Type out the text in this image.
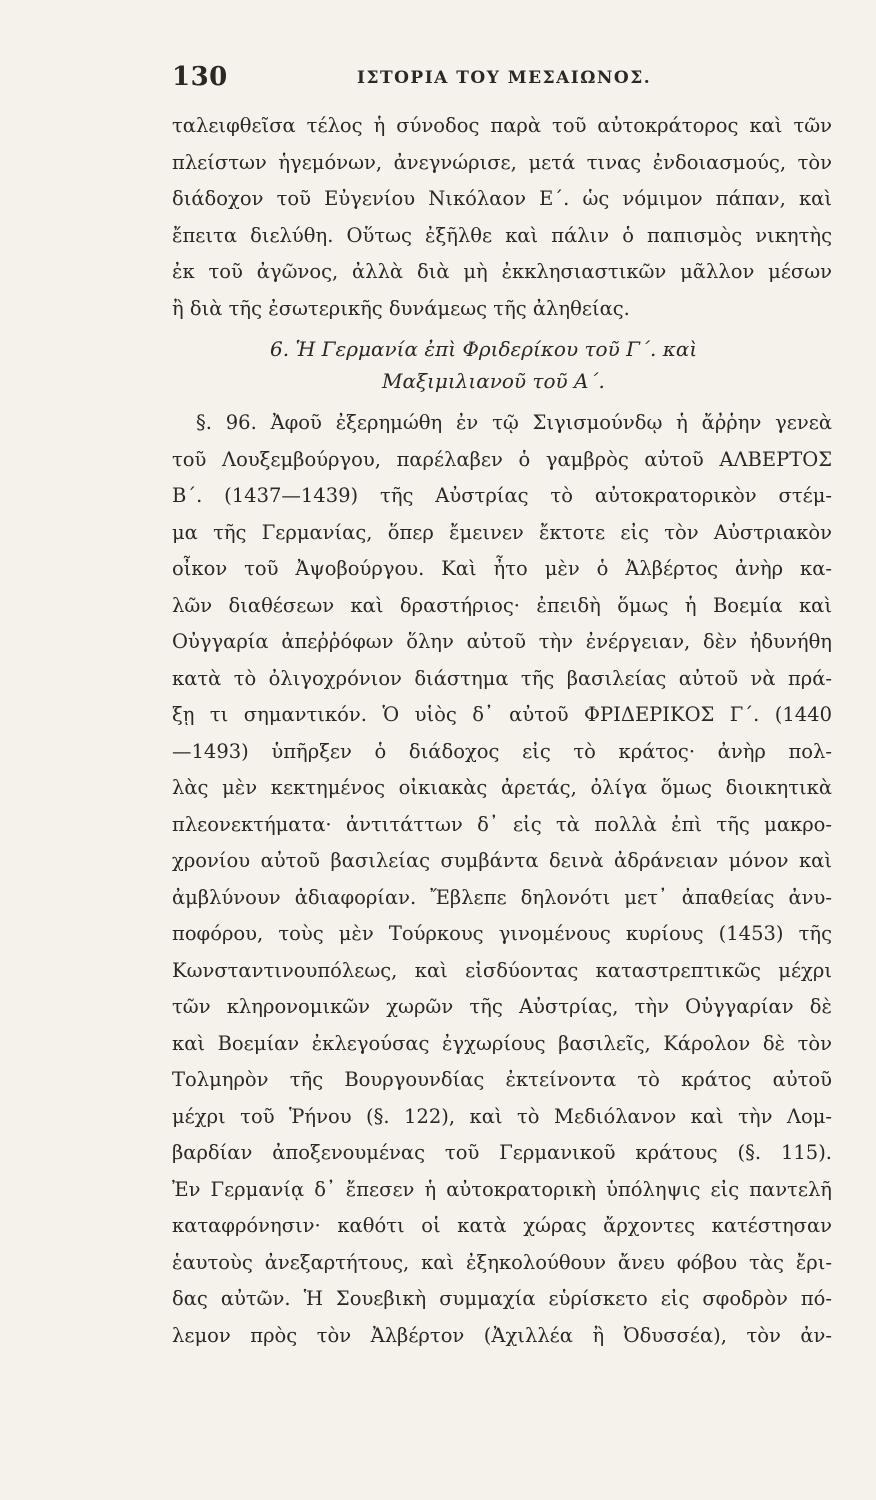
130	ΙΣΤΟΡΙΑ ΤΟΥ ΜΕΣΑΙΩΝΟΣ.
ταλειφθεῖσα τέλος ἡ σύνοδος παρὰ τοῦ αὐτοκράτορος καὶ τῶν
πλείστων ἡγεμόνων, ἀνεγνώρισε, μετά τινας ἐνδοιασμούς, τὸν
διάδοχον τοῦ Εὐγενίου Νικόλαον Ε΄. ὡς νόμιμον πάπαν, καὶ
ἔπειτα διελύθη. Οὕτως ἐξῆλθε καὶ πάλιν ὁ παπισμὸς νικητὴς
ἐκ τοῦ ἀγῶνος, ἀλλὰ διὰ μὴ ἐκκλησιαστικῶν μᾶλλον μέσων
ἢ διὰ τῆς ἐσωτερικῆς δυνάμεως τῆς ἀληθείας.
6. Ἡ Γερμανία ἐπὶ Φριδερίκου τοῦ Γ΄. καὶ
Μαξιμιλιανοῦ τοῦ Α΄.
§. 96. Ἀφοῦ ἐξερημώθη ἐν τῷ Σιγισμούνδῳ ἡ ἄῤῥην γενεὰ
τοῦ Λουξεμβούργου, παρέλαβεν ὁ γαμβρὸς αὐτοῦ ΑΛΒΕΡΤΟΣ
Β΄. (1437—1439) τῆς Αὐστρίας τὸ αὐτοκρατορικὸν στέμ-
μα τῆς Γερμανίας, ὅπερ ἔμεινεν ἔκτοτε εἰς τὸν Αὐστριακὸν
οἶκον τοῦ Ἀψοβούργου. Καὶ ἦτο μὲν ὁ Ἀλβέρτος ἀνὴρ κα-
λῶν διαθέσεων καὶ δραστήριος· ἐπειδὴ ὅμως ἡ Βοεμία καὶ
Οὐγγαρία ἀπεῤῥόφων ὅλην αὐτοῦ τὴν ἐνέργειαν, δὲν ἠδυνήθη
κατὰ τὸ ὀλιγοχρόνιον διάστημα τῆς βασιλείας αὐτοῦ νὰ πρά-
ξῃ τι σημαντικόν. Ὁ υἱὸς δ᾽ αὐτοῦ ΦΡΙΔΕΡΙΚΟΣ Γ΄. (1440
—1493) ὑπῆρξεν ὁ διάδοχος εἰς τὸ κράτος· ἀνὴρ πολ-
λὰς μὲν κεκτημένος οἰκιακὰς ἀρετάς, ὀλίγα ὅμως διοικητικὰ
πλεονεκτήματα· ἀντιτάττων δ᾽ εἰς τὰ πολλὰ ἐπὶ τῆς μακρο-
χρονίου αὐτοῦ βασιλείας συμβάντα δεινὰ ἀδράνειαν μόνον καὶ
ἀμβλύνουν ἀδιαφορίαν. Ἔβλεπε δηλονότι μετ᾽ ἀπαθείας ἀνυ-
ποφόρου, τοὺς μὲν Τούρκους γινομένους κυρίους (1453) τῆς
Κωνσταντινουπόλεως, καὶ εἰσδύοντας καταστρεπτικῶς μέχρι
τῶν κληρονομικῶν χωρῶν τῆς Αὐστρίας, τὴν Οὐγγαρίαν δὲ
καὶ Βοεμίαν ἐκλεγούσας ἐγχωρίους βασιλεῖς, Κάρολον δὲ τὸν
Τολμηρὸν τῆς Βουργουνδίας ἐκτείνοντα τὸ κράτος αὐτοῦ
μέχρι τοῦ Ῥήνου (§. 122), καὶ τὸ Μεδιόλανον καὶ τὴν Λομ-
βαρδίαν ἀποξενουμένας τοῦ Γερμανικοῦ κράτους (§. 115).
Ἐν Γερμανίᾳ δ᾽ ἔπεσεν ἡ αὐτοκρατορικὴ ὑπόληψις εἰς παντελῆ
καταφρόνησιν· καθότι οἱ κατὰ χώρας ἄρχοντες κατέστησαν
ἑαυτοὺς ἀνεξαρτήτους, καὶ ἐξηκολούθουν ἄνευ φόβου τὰς ἔρι-
δας αὐτῶν. Ἡ Σουεβικὴ συμμαχία εὑρίσκετο εἰς σφοδρὸν πό-
λεμον πρὸς τὸν Ἀλβέρτον (Ἀχιλλέα ἢ Ὀδυσσέα), τὸν ἀν-
